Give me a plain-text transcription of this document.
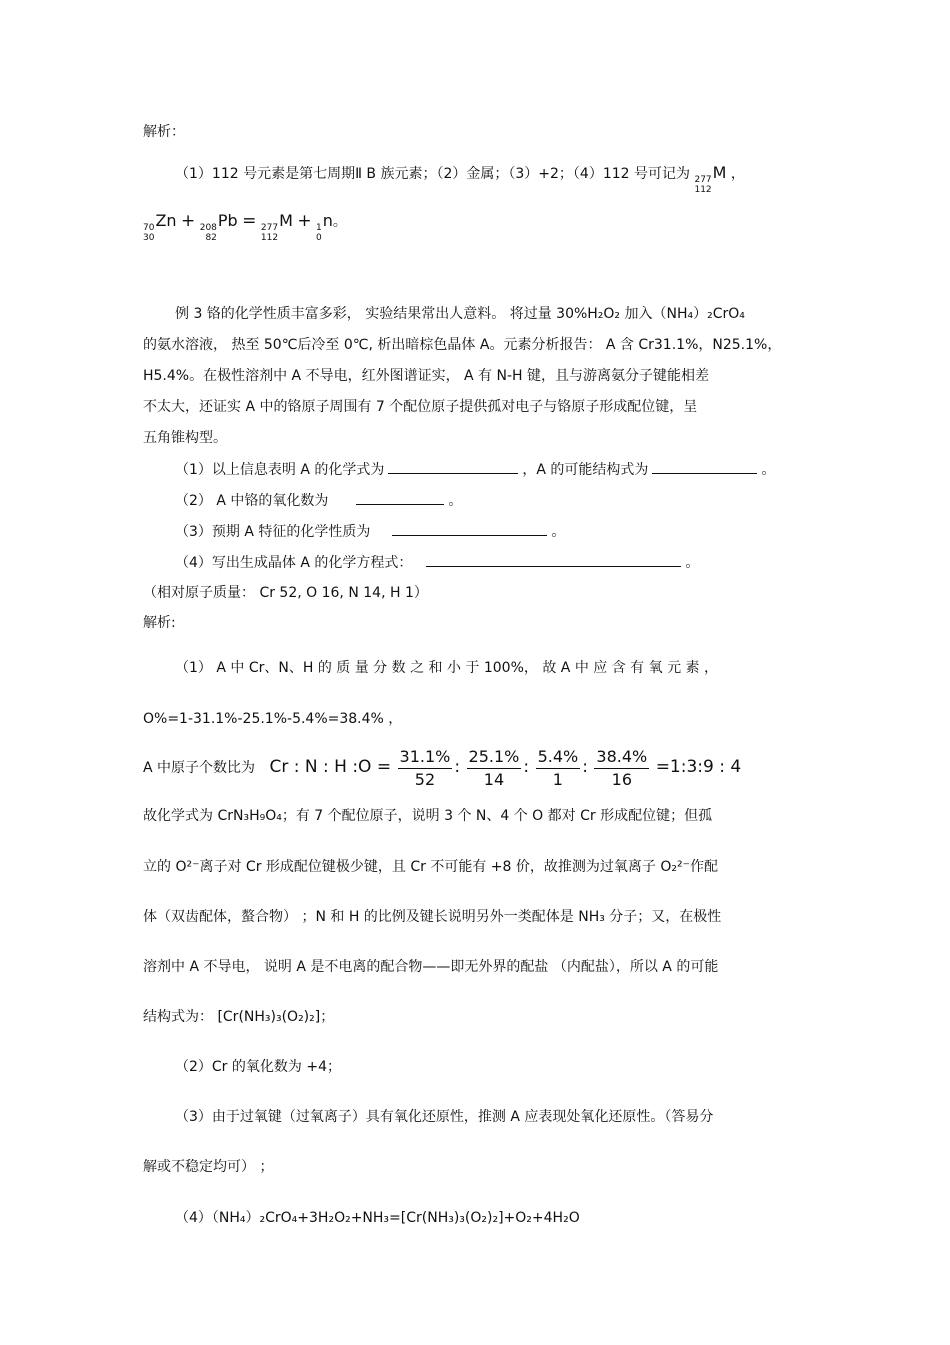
解析：
（1）112 号元素是第七周期Ⅱ B 族元素；（2）金属；（3）+2；（4）112 号可记为 277
112
M ，
70
30
Zn + 208
82
Pb = 277
112
M + 1
0
n。
例 3 铬的化学性质丰富多彩， 实验结果常出人意料。 将过量 30%H₂O₂ 加入（NH₄）₂CrO₄
的氨水溶液， 热至 50℃后冷至 0℃, 析出暗棕色晶体 A。元素分析报告： A 含 Cr31.1%，N25.1%，
H5.4%。在极性溶剂中 A 不导电，红外图谱证实， A 有 N-H 键，且与游离氨分子键能相差
不太大，还证实 A 中的铬原子周围有 7 个配位原子提供孤对电子与铬原子形成配位键，呈
五角锥构型。
（1）以上信息表明 A 的化学式为	，A 的可能结构式为	。
（2） A 中铬的氧化数为	。
（3）预期 A 特征的化学性质为	。
（4）写出生成晶体 A 的化学方程式：	。
（相对原子质量： Cr 52, O 16, N 14, H 1）
解析:
（1） A 中 Cr、N、H 的 质 量 分 数 之 和 小 于 100%， 故 A 中 应 含 有 氧 元 素 ，
O%=1-31.1%-25.1%-5.4%=38.4% ，
A 中原子个数比为 Cr : N : H :O = $\frac{31.1\%}{52}$ : $\frac{25.1\%}{14}$ : $\frac{5.4\%}{1}$ : $\frac{38.4\%}{16}$ =1:3:9 : 4
故化学式为 CrN₃H₉O₄；有 7 个配位原子，说明 3 个 N、4 个 O 都对 Cr 形成配位键；但孤
立的 O²⁻离子对 Cr 形成配位键极少键，且 Cr 不可能有 +8 价，故推测为过氧离子 O₂²⁻作配
体（双齿配体，螯合物） ；N 和 H 的比例及键长说明另外一类配体是 NH₃ 分子；又，在极性
溶剂中 A 不导电， 说明 A 是不电离的配合物——即无外界的配盐 （内配盐），所以 A 的可能
结构式为： [Cr(NH₃)₃(O₂)₂]；
（2）Cr 的氧化数为 +4；
（3）由于过氧键（过氧离子）具有氧化还原性，推测 A 应表现处氧化还原性。（答易分
解或不稳定均可） ；
（4）（NH₄）₂CrO₄+3H₂O₂+NH₃=[Cr(NH₃)₃(O₂)₂]+O₂+4H₂O
